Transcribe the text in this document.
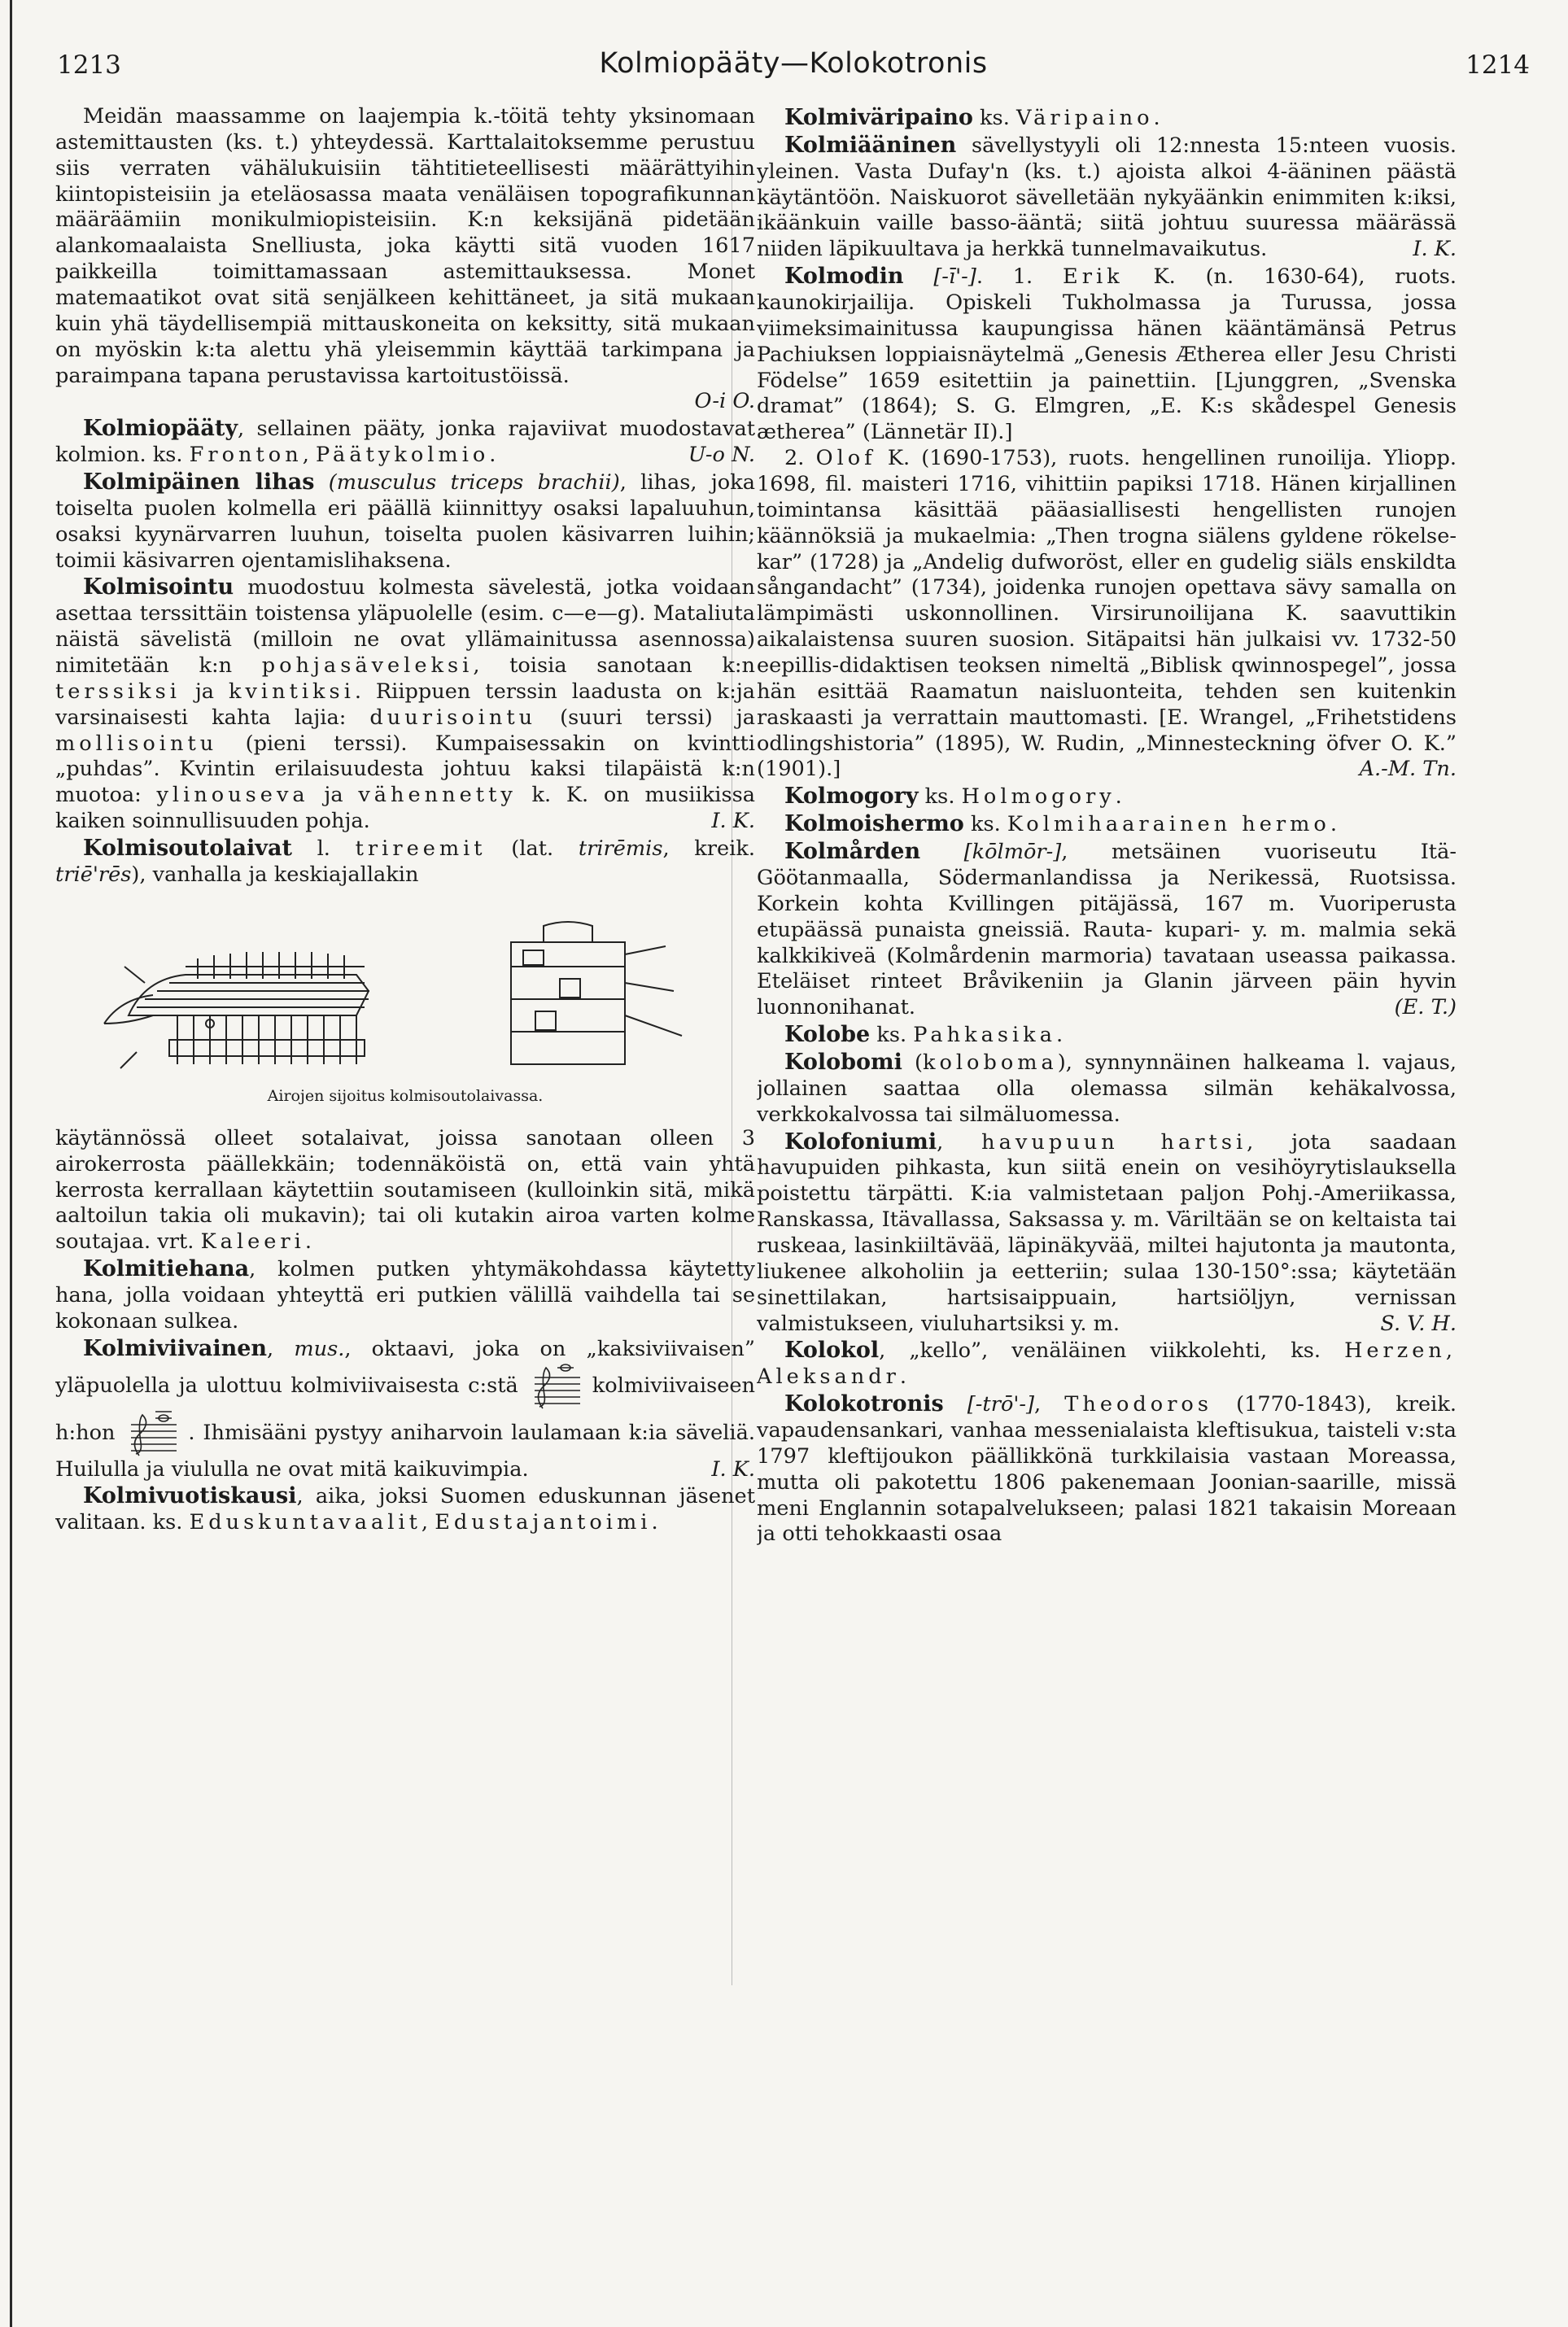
1213	Kolmiopääty—Kolokotronis	1214

Meidän maassamme on laajempia k.-töitä tehty yksinomaan astemittausten (ks. t.) yhteydessä. Karttalaitoksemme perustuu siis verraten vähälukuisiin tähtitieteellisesti määrättyihin kiintopisteisiin ja eteläosassa maata venäläisen topografikunnan määräämiin monikulmiopisteisiin. K:n keksijänä pidetään alankomaalaista Snelliusta, joka käytti sitä vuoden 1617 paikkeilla toimittamassaan astemittauksessa. Monet matemaatikot ovat sitä senjälkeen kehittäneet, ja sitä mukaan kuin yhä täydellisempiä mittauskoneita on keksitty, sitä mukaan on myöskin k:ta alettu yhä yleisemmin käyttää tarkimpana ja paraimpana tapana perustavissa kartoitustöissä.

O-i O.

Kolmiopääty, sellainen pääty, jonka rajaviivat muodostavat kolmion. ks. Fronton, Päätykolmio.	U-o N.

Kolmipäinen lihas (musculus triceps brachii), lihas, joka toiselta puolen kolmella eri päällä kiinnittyy osaksi lapaluuhun, osaksi kyynärvarren luuhun, toiselta puolen käsivarren luihin; toimii käsivarren ojentamislihaksena.

Kolmisointu muodostuu kolmesta sävelestä, jotka voidaan asettaa terssittäin toistensa yläpuolelle (esim. c—e—g). Mataliuta näistä sävelistä (milloin ne ovat yllämainitussa asennossa) nimitetään k:n pohjasäveleksi, toisia sanotaan k:n terssiksi ja kvintiksi. Riippuen terssin laadusta on k:ja varsinaisesti kahta lajia: duurisointu (suuri terssi) ja mollisointu (pieni terssi). Kumpaisessakin on kvintti „puhdas”. Kvintin erilaisuudesta johtuu kaksi tilapäistä k:n muotoa: ylinouseva ja vähennetty k. K. on musiikissa kaiken soinnullisuuden pohja.	I. K.

Kolmisoutolaivat l. trireemit (lat. trirēmis, kreik. triē'rēs), vanhalla ja keskiajallakin

Airojen sijoitus kolmisoutolaivassa.

käytännössä olleet sotalaivat, joissa sanotaan olleen 3 airokerrosta päällekkäin; todennäköistä on, että vain yhtä kerrosta kerrallaan käytettiin soutamiseen (kulloinkin sitä, mikä aaltoilun takia oli mukavin); tai oli kutakin airoa varten kolme soutajaa. vrt. Kaleeri.

Kolmitiehana, kolmen putken yhtymäkohdassa käytetty hana, jolla voidaan yhteyttä eri putkien välillä vaihdella tai se kokonaan sulkea.

Kolmiviivainen, mus., oktaavi, joka on „kaksiviivaisen” yläpuolella ja ulottuu kolmiviivaisesta c:stä	kolmiviivaiseen h:hon	. Ihmisääni pystyy aniharvoin laulamaan k:ia säveliä. Huilulla ja viululla ne ovat mitä kaikuvimpia.	I. K.

Kolmivuotiskausi, aika, joksi Suomen eduskunnan jäsenet valitaan. ks. Eduskuntavaalit, Edustajantoimi.

Kolmiväripaino ks. Väripaino.

Kolmiääninen sävellystyyli oli 12:nnesta 15:nteen vuosis. yleinen. Vasta Dufay'n (ks. t.) ajoista alkoi 4-ääninen päästä käytäntöön. Naiskuorot sävelletään nykyäänkin enimmiten k:iksi, ikäänkuin vaille basso-ääntä; siitä johtuu suuressa määrässä niiden läpikuultava ja herkkä tunnelmavaikutus.	I. K.

Kolmodin [-ī'-]. 1. Erik K. (n. 1630-64), ruots. kaunokirjailija. Opiskeli Tukholmassa ja Turussa, jossa viimeksimainitussa kaupungissa hänen kääntämänsä Petrus Pachiuksen loppiaisnäytelmä „Genesis Ætherea eller Jesu Christi Födelse” 1659 esitettiin ja painettiin. [Ljunggren, „Svenska dramat” (1864); S. G. Elmgren, „E. K:s skådespel Genesis ætherea” (Lännetär II).]

2. Olof K. (1690-1753), ruots. hengellinen runoilija. Yliopp. 1698, fil. maisteri 1716, vihittiin papiksi 1718. Hänen kirjallinen toimintansa käsittää pääasiallisesti hengellisten runojen käännöksiä ja mukaelmia: „Then trogna siälens gyldene rökelse-kar” (1728) ja „Andelig dufworöst, eller en gudelig siäls enskildta sångandacht” (1734), joidenka runojen opettava sävy samalla on lämpimästi uskonnollinen. Virsirunoilijana K. saavuttikin aikalaistensa suuren suosion. Sitäpaitsi hän julkaisi vv. 1732-50 eepillis-didaktisen teoksen nimeltä „Biblisk qwinnospegel”, jossa hän esittää Raamatun naisluonteita, tehden sen kuitenkin raskaasti ja verrattain mauttomasti. [E. Wrangel, „Frihetstidens odlingshistoria” (1895), W. Rudin, „Minnesteckning öfver O. K.” (1901).]	A.-M. Tn.

Kolmogory ks. Holmogory.

Kolmoishermo ks. Kolmihaarainen hermo.

Kolmården [kōlmōr-], metsäinen vuoriseutu Itä-Göötanmaalla, Södermanlandissa ja Nerikessä, Ruotsissa. Korkein kohta Kvillingen pitäjässä, 167 m. Vuoriperusta etupäässä punaista gneissiä. Rauta- kupari- y. m. malmia sekä kalkkikiveä (Kolmårdenin marmoria) tavataan useassa paikassa. Eteläiset rinteet Bråvikeniin ja Glanin järveen päin hyvin luonnonihanat.	(E. T.)

Kolobe ks. Pahkasika.

Kolobomi (koloboma), synnynnäinen halkeama l. vajaus, jollainen saattaa olla olemassa silmän kehäkalvossa, verkkokalvossa tai silmäluomessa.

Kolofoniumi, havupuun hartsi, jota saadaan havupuiden pihkasta, kun siitä enein on vesihöyrytislauksella poistettu tärpätti. K:ia valmistetaan paljon Pohj.-Ameriikassa, Ranskassa, Itävallassa, Saksassa y. m. Väriltään se on keltaista tai ruskeaa, lasinkiiltävää, läpinäkyvää, miltei hajutonta ja mautonta, liukenee alkoholiin ja eetteriin; sulaa 130-150°:ssa; käytetään sinettilakan, hartsisaippuain, hartsiöljyn, vernissan valmistukseen, viuluhartsiksi y. m.	S. V. H.

Kolokol, „kello”, venäläinen viikkolehti, ks. Herzen, Aleksandr.

Kolokotronis [-trō'-], Theodoros (1770-1843), kreik. vapaudensankari, vanhaa messenialaista kleftisukua, taisteli v:sta 1797 kleftijoukon päällikkönä turkkilaisia vastaan Moreassa, mutta oli pakotettu 1806 pakenemaan Joonian-saarille, missä meni Englannin sotapalvelukseen; palasi 1821 takaisin Moreaan ja otti tehokkaasti osaa
